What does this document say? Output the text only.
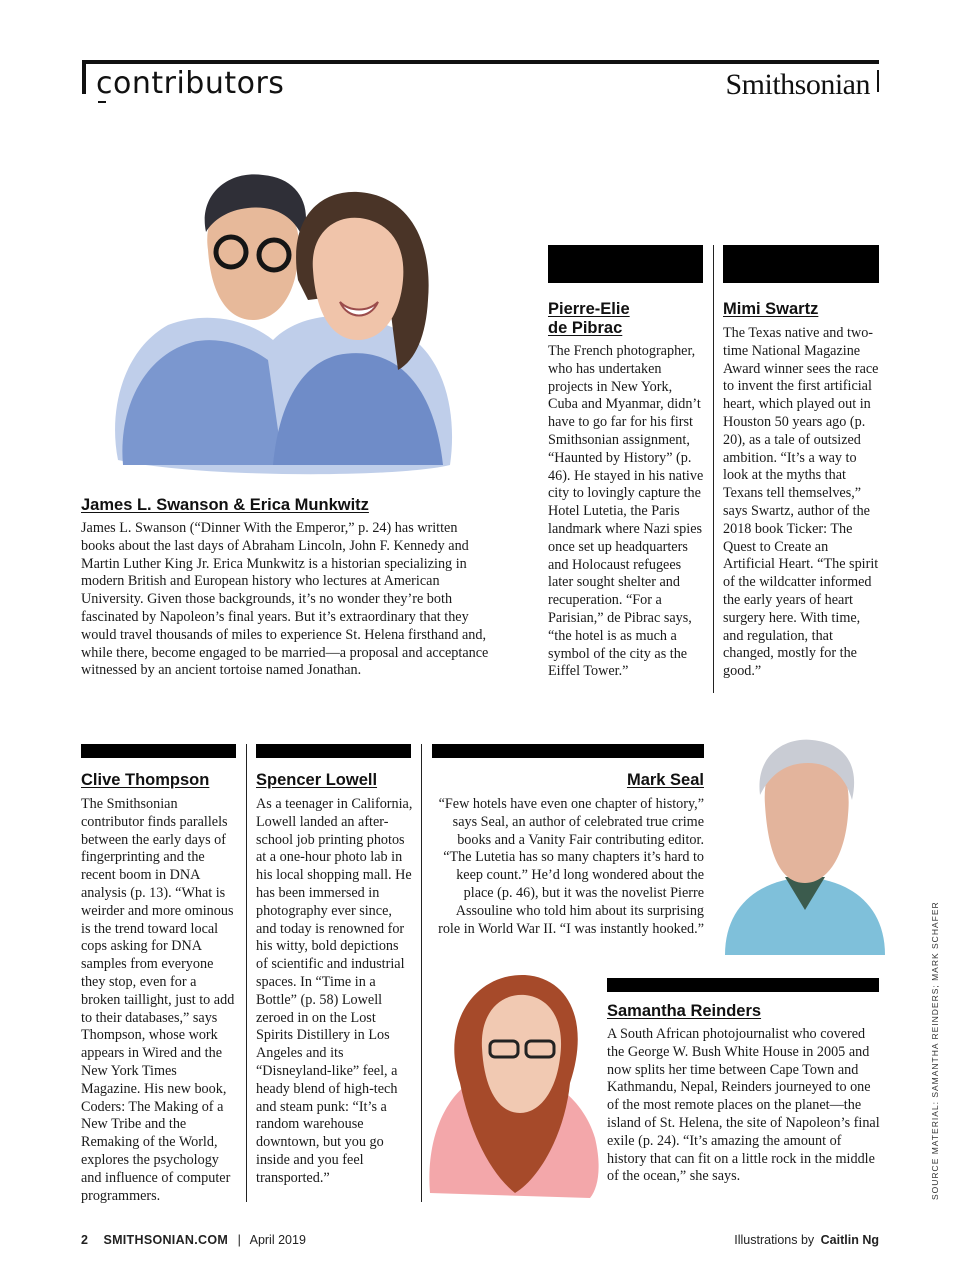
contributors	Smithsonian
James L. Swanson & Erica Munkwitz

James L. Swanson (“Dinner With the Emperor,” p. 24) has written books about the last days of Abraham Lincoln, John F. Kennedy and Martin Luther King Jr. Erica Munkwitz is a historian specializing in modern British and European history who lectures at American University. Given those backgrounds, it’s no wonder they’re both fascinated by Napoleon’s final years. But it’s extraordinary that they would travel thousands of miles to experience St. Helena firsthand and, while there, become engaged to be married—a proposal and acceptance witnessed by an ancient tortoise named Jonathan.

Pierre-Elie
de Pibrac

The French photographer, who has undertaken projects in New York, Cuba and Myanmar, didn’t have to go far for his first Smithsonian assignment, “Haunted by History” (p. 46). He stayed in his native city to lovingly capture the Hotel Lutetia, the Paris landmark where Nazi spies once set up headquarters and Holocaust refugees later sought shelter and recuperation. “For a Parisian,” de Pibrac says, “the hotel is as much a symbol of the city as the Eiffel Tower.”

Mimi Swartz

The Texas native and two-time National Magazine Award winner sees the race to invent the first artificial heart, which played out in Houston 50 years ago (p. 20), as a tale of outsized ambition. “It’s a way to look at the myths that Texans tell themselves,” says Swartz, author of the 2018 book Ticker: The Quest to Create an Artificial Heart. “The spirit of the wildcatter informed the early years of heart surgery here. With time, and regulation, that changed, mostly for the good.”

Clive Thompson

The Smithsonian contributor finds parallels between the early days of fingerprinting and the recent boom in DNA analysis (p. 13). “What is weirder and more ominous is the trend toward local cops asking for DNA samples from everyone they stop, even for a broken taillight, just to add to their databases,” says Thompson, whose work appears in Wired and the New York Times Magazine. His new book, Coders: The Making of a New Tribe and the Remaking of the World, explores the psychology and influence of computer programmers.

Spencer Lowell

As a teenager in California, Lowell landed an after-school job printing photos at a one-hour photo lab in his local shopping mall. He has been immersed in photography ever since, and today is renowned for his witty, bold depictions of scientific and industrial spaces. In “Time in a Bottle” (p. 58) Lowell zeroed in on the Lost Spirits Distillery in Los Angeles and its “Disneyland-like” feel, a heady blend of high-tech and steam punk: “It’s a random warehouse downtown, but you go inside and you feel transported.”

Mark Seal

“Few hotels have even one chapter of history,” says Seal, an author of celebrated true crime books and a Vanity Fair contributing editor. “The Lutetia has so many chapters it’s hard to keep count.” He’d long wondered about the place (p. 46), but it was the novelist Pierre Assouline who told him about its surprising role in World War II. “I was instantly hooked.”

Samantha Reinders

A South African photojournalist who covered the George W. Bush White House in 2005 and now splits her time between Cape Town and Kathmandu, Nepal, Reinders journeyed to one of the most remote places on the planet—the island of St. Helena, the site of Napoleon’s final exile (p. 24). “It’s amazing the amount of history that can fit on a little rock in the middle of the ocean,” she says.	SOURCE MATERIAL: SAMANTHA REINDERS; MARK SCHAFER
2 SMITHSONIAN.COM | April 2019	Illustrations by Caitlin Ng
